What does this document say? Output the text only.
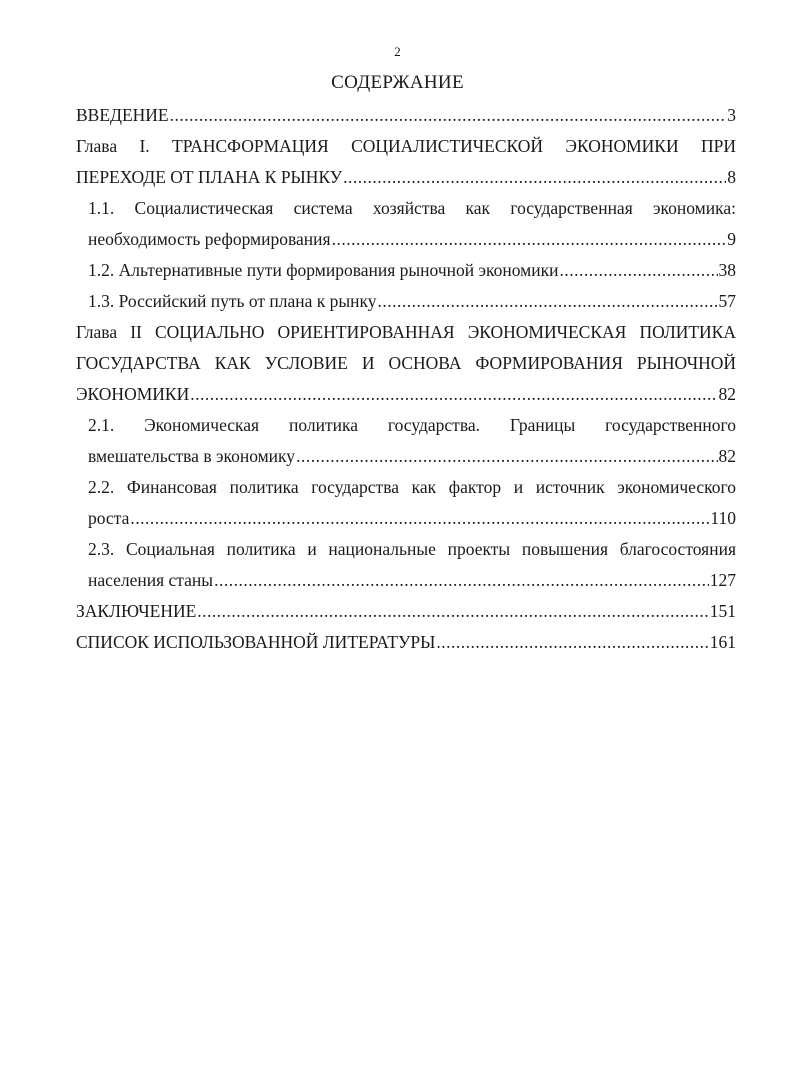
2
СОДЕРЖАНИЕ
ВВЕДЕНИЕ .....	3
Глава I. ТРАНСФОРМАЦИЯ СОЦИАЛИСТИЧЕСКОЙ ЭКОНОМИКИ ПРИ
ПЕРЕХОДЕ ОТ ПЛАНА К РЫНКУ .....	8
1.1. Социалистическая система хозяйства как государственная экономика:
необходимость реформирования .....	9
1.2. Альтернативные пути формирования рыночной экономики .....	38
1.3. Российский путь от плана к рынку .....	57
Глава II СОЦИАЛЬНО ОРИЕНТИРОВАННАЯ ЭКОНОМИЧЕСКАЯ ПОЛИТИКА
ГОСУДАРСТВА КАК УСЛОВИЕ И ОСНОВА ФОРМИРОВАНИЯ РЫНОЧНОЙ
ЭКОНОМИКИ .....	82
2.1. Экономическая политика государства. Границы государственного
вмешательства в экономику .....	82
2.2. Финансовая политика государства как фактор и источник экономического
роста .....	110
2.3. Социальная политика и национальные проекты повышения благосостояния
населения станы .....	127
ЗАКЛЮЧЕНИЕ .....	151
СПИСОК ИСПОЛЬЗОВАННОЙ ЛИТЕРАТУРЫ .....	161
